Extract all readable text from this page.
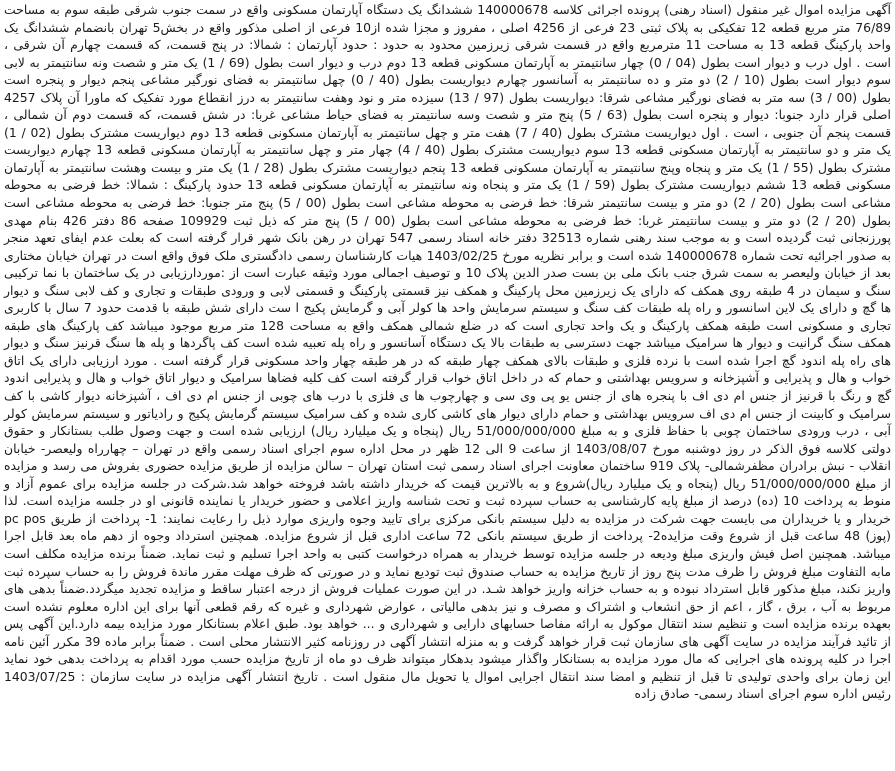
آگهی مزایده اموال غیر منقول (اسناد رهنی) پرونده اجرائی کلاسه 140000678 ششدانگ یک دستگاه آپارتمان مسکونی واقع در سمت جنوب شرقی طبقه سوم به مساحت 76/89 متر مربع قطعه 12 تفکیکی به پلاک ثبتی 23 فرعی از 4256 اصلی ، مفروز و مجزا شده از10 فرعی از اصلی مذکور واقع در بخش5 تهران بانضمام ششدانگ یک واحد پارکینگ قطعه 13 به مساحت 11 مترمربع واقع در قسمت شرقی زیرزمین محدود به حدود : حدود آپارتمان : شمالا: در پنج قسمت، که قسمت چهارم آن شرقی ، است . اول درب و دیوار است بطول (04 / 0) چهار سانتیمتر به آپارتمان مسکونی قطعه 13 دوم درب و دیوار است بطول (69 / 1) یک متر و شصت ونه سانتیمتر به لابی سوم دیوار است بطول (10 / 2) دو متر و ده سانتیمتر به آسانسور چهارم دیواریست بطول (40 / 0) چهل سانتیمتر به فضای نورگیر مشاعی پنجم دیوار و پنجره است بطول (00 / 3) سه متر به فضای نورگیر مشاعی شرقا: دیواریست بطول (97 / 13) سیزده متر و نود وهفت سانتیمتر به درز انقطاع مورد تفکیک که ماورا آن پلاک 4257 اصلی قرار دارد جنوبا: دیوار و پنجره است بطول (63 / 5) پنج متر و شصت وسه سانتیمتر به فضای حیاط مشاعی غربا: در شش قسمت، که قسمت دوم آن شمالی ، قسمت پنجم آن جنوبی ، است . اول دیواریست مشترک بطول (40 / 7) هفت متر و چهل سانتیمتر به آپارتمان مسکونی قطعه 13 دوم دیواریست مشترک بطول (02 / 1) یک متر و دو سانتیمتر به آپارتمان مسکونی قطعه 13 سوم دیواریست مشترک بطول (40 / 4) چهار متر و چهل سانتیمتر به آپارتمان مسکونی قطعه 13 چهارم دیواریست مشترک بطول (55 / 1) یک متر و پنجاه وپنج سانتیمتر به آپارتمان مسکونی قطعه 13 پنجم دیواریست مشترک بطول (28 / 1) یک متر و بیست وهشت سانتیمتر به آپارتمان مسکونی قطعه 13 ششم دیواریست مشترک بطول (59 / 1) یک متر و پنجاه ونه سانتیمتر به آپارتمان مسکونی قطعه 13 حدود پارکینگ : شمالا: خط فرضی به محوطه مشاعی است بطول (20 / 2) دو متر و بیست سانتیمتر شرقا: خط فرضی به محوطه مشاعی است بطول (00 / 5) پنج متر جنوبا: خط فرضی به محوطه مشاعی است بطول (20 / 2) دو متر و بیست سانتیمتر غربا: خط فرضی به محوطه مشاعی است بطول (00 / 5) پنج متر که ذیل ثبت 109929 صفحه 86 دفتر 426 بنام مهدی پورزنجانی ثبت گردیده است و به موجب سند رهنی شماره 32513 دفتر خانه اسناد رسمی 547 تهران در رهن بانک شهر قرار گرفته است که بعلت عدم ایفای تعهد منجر به صدور اجرائیه تحت شماره 140000678 شده است و برابر نظریه مورخ 1403/02/25 هیات کارشناسان رسمی دادگستری ملک فوق واقع است در تهران خیابان مختاری بعد از خیابان ولیعصر به سمت شرق جنب بانک ملی بن بست صدر الدین پلاک 10 و توصیف اجمالی مورد وثیقه عبارت است از :موردارزیابی در یک ساختمان با نما ترکیبی سنگ و سیمان در 4 طبقه روی همکف که دارای یک زیرزمین محل پارکینگ و همکف نیز قسمتی پارکینگ و قسمتی لابی و ورودی طبقات و تجاری و کف لابی سنگ و دیوار ها گچ و دارای یک لاین اسانسور و راه پله طبقات کف سنگ و سیستم سرمایش واحد ها کولر آبی و گرمایش پکیج ا ست دارای شش طبقه با قدمت حدود 7 سال با کاربری تجاری و مسکونی است طبقه همکف پارکینگ و یک واحد تجاری است که در ضلع شمالی همکف واقع به مساحت 128 متر مربع موجود میباشد کف پارکینگ های طبقه همکف سنگ گرانیت و دیوار ها سرامیک میباشد جهت دسترسی به طبقات بالا یک دستگاه آسانسور و راه پله تعبیه شده است کف پاگردها و پله ها سنگ قرنیز سنگ و دیوار های راه پله اندود گچ اجرا شده است با نرده فلزی و طبقات بالای همکف چهار طبقه که در هر طبقه چهار واحد مسکونی قرار گرفته است . مورد ارزیابی دارای یک اتاق خواب و هال و پذیرایی و آشپزخانه و سرویس بهداشتی و حمام که در داخل اتاق خواب قرار گرفته است کف کلیه فضاها سرامیک و دیوار اتاق خواب و هال و پذیرایی اندود گچ و رنگ با قرنیز از جنس ام دی اف با پنجره های از جنس یو پی وی سی و چهارچوب ها ی فلزی با درب های چوبی از جنس ام دی اف ، آشپزخانه دیوار کاشی با کف سرامیک و کابینت از جنس ام دی اف سرویس بهداشتی و حمام دارای دیوار های کاشی کاری شده و کف سرامیک سیستم گرمایش پکیج و رادیاتور و سیستم سرمایش کولر آبی ، درب ورودی ساختمان چوبی با حفاظ فلزی و به مبلغ 51/000/000/000 ریال (پنجاه و یک میلیارد ریال) ارزیابی شده است و جهت وصول طلب بستانکار و حقوق دولتی کلاسه فوق الذکر در روز دوشنبه مورخ 1403/08/07 از ساعت 9 الی 12 ظهر در محل اداره سوم اجرای اسناد رسمی واقع در تهران – چهارراه ولیعصر- خیابان انقلاب - نبش برادران مظفرشمالی- پلاک 919 ساختمان معاونت اجرای اسناد رسمی ثبت استان تهران – سالن مزایده از طریق مزایده حضوری بفروش می رسد و مزایده از مبلغ 51/000/000/000 ریال (پنجاه و یک میلیارد ریال)شروع و به بالاترین قیمت که خریدار داشته باشد فروخته خواهد شد.شرکت در جلسه مزایده برای عموم آزاد و منوط به پرداخت 10 (ده) درصد از مبلغ پایه کارشناسی به حساب سپرده ثبت و تحت شناسه واریز اعلامی و حضور خریدار یا نماینده قانونی او در جلسه مزایده است. لذا خریدار و یا خریداران می بایست جهت شرکت در مزایده به دلیل سیستم بانکی مرکزی برای تایید وجوه واریزی موارد ذیل را رعایت نمایند: 1- پرداخت از طریق pc pos (پوز) 48 ساعت قبل از شروع وقت مزایده2- پرداخت از طریق سیستم بانکی 72 ساعت اداری قبل از شروع مزایده. همچنین استرداد وجوه از دهم ماه بعد قابل اجرا میباشد. همچنین اصل فیش واریزی مبلغ ودیعه در جلسه مزایده توسط خریدار به همراه درخواست کتبی به واحد اجرا تسلیم و ثبت نماید. ضمناً برنده مزایده مکلف است مابه التفاوت مبلغ فروش را ظرف مدت پنج روز از تاریخ مزایده به حساب صندوق ثبت تودیع نماید و در صورتی که ظرف مهلت مقرر ماندة فروش را به حساب سپرده ثبت واریز نکند، مبلغ مذکور قابل استرداد نبوده و به حساب خزانه واریز خواهد شـد. در این صورت عملیات فروش از درجه اعتبار ساقط و مزایده تجدید میگردد.ضمناً بدهی های مربوط به آب ، برق ، گاز ، اعم از حق انشعاب و اشتراک و مصرف و نیز بدهی مالیاتی ، عوارض شهرداری و غیره که رقم قطعی آنها برای این اداره معلوم نشده است بعهده برنده مزایده است و تنظیم سند انتقال موکول به ارائه مفاصا حسابهای دارایی و شهرداری و ... خواهد بود. طبق اعلام بستانکار مورد مزایده بیمه دارد.این آگهی پس از تائید فرآیند مزایده در سایت آگهی های سازمان ثبت قرار خواهد گرفت و به منزله انتشار آگهی در روزنامه کثیر الانتشار محلی است . ضمناً برابر ماده 39 مکرر آئین نامه اجرا در کلیه پرونده های اجرایی که مال مورد مزایده به بستانکار واگذار میشود بدهکار میتواند ظرف دو ماه از تاریخ مزایده حسب مورد اقدام به پرداخت بدهی خود نماید این زمان برای واحدی تولیدی تا قبل از تنظیم و امضا سند انتقال اجرایی اموال یا تحویل مال منقول است . تاریخ انتشار آگهی مزایده در سایت سازمان : 1403/07/25 رئیس اداره سوم اجرای اسناد رسمی- صادق زاده
